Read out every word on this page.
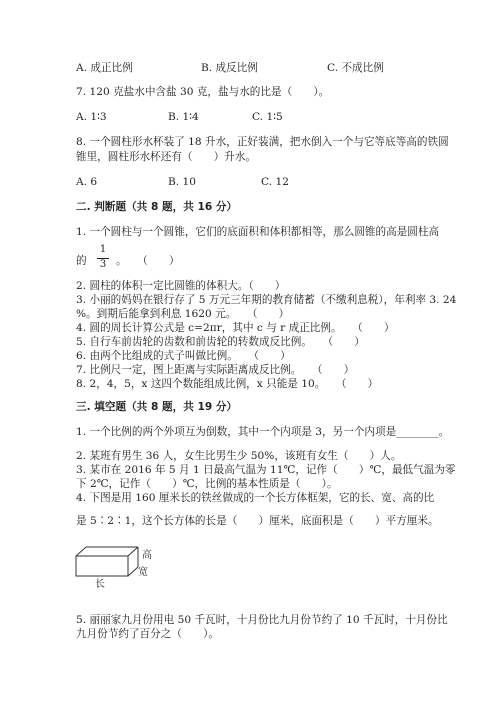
A. 成正比例	B. 成反比例	C. 不成比例
7. 120 克盐水中含盐 30 克，盐与水的比是（　　）。
A. 1∶3	B. 1∶4	C. 1∶5
8. 一个圆柱形水杯装了 18 升水，正好装满，把水倒入一个与它等底等高的铁圆
锥里，圆柱形水杯还有（　　）升水。
A. 6	B. 10	C. 12
二. 判断题（共 8 题，共 16 分）
1. 一个圆柱与一个圆锥，它们的底面积和体积都相等，那么圆锥的高是圆柱高
的
1
3 。　　（　　）
2. 圆柱的体积一定比圆锥的体积大。（　　）
3. 小丽的妈妈在银行存了 5 万元三年期的教育储蓄（不缴利息税），年利率 3. 24
%。到期后能拿到利息 1620 元。　　（　　）
4. 圆的周长计算公式是 c=2πr，其中 c 与 r 成正比例。　　（　　）
5. 自行车前齿轮的齿数和前齿轮的转数成反比例。　　（　　）
6. 由两个比组成的式子叫做比例。　　（　　）
7. 比例尺一定，图上距离与实际距离成反比例。　　（　　）
8. 2，4，5，x 这四个数能组成比例，x 只能是 10。　　（　　）
三. 填空题（共 8 题，共 19 分）
1. 一个比例的两个外项互为倒数，其中一个内项是 3，另一个内项是________。
2. 某班有男生 36 人，女生比男生少 50%，该班有女生（　　）人。
3. 某市在 2016 年 5 月 1 日最高气温为 11℃，记作（　　）℃，最低气温为零
下 2℃，记作（　　）℃，比例的基本性质是（　　）。
4. 下图是用 160 厘米长的铁丝做成的一个长方体框架，它的长、宽、高的比
是 5∶2∶1，这个长方体的长是（　　）厘米，底面积是（　　）平方厘米。
高
宽
长
5. 丽丽家九月份用电 50 千瓦时，十月份比九月份节约了 10 千瓦时，十月份比
九月份节约了百分之（　　）。
